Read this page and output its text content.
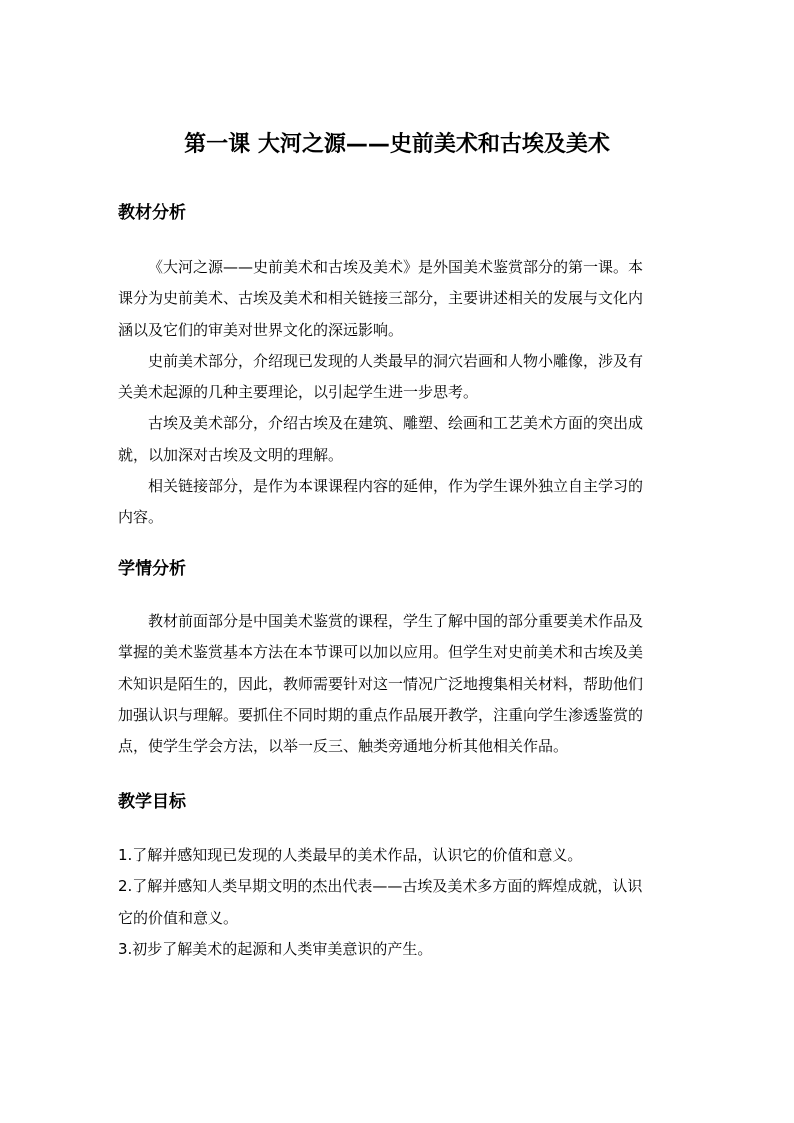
第一课 大河之源——史前美术和古埃及美术
教材分析
《大河之源——史前美术和古埃及美术》是外国美术鉴赏部分的第一课。本
课分为史前美术、古埃及美术和相关链接三部分，主要讲述相关的发展与文化内
涵以及它们的审美对世界文化的深远影响。
史前美术部分，介绍现已发现的人类最早的洞穴岩画和人物小雕像，涉及有
关美术起源的几种主要理论，以引起学生进一步思考。
古埃及美术部分，介绍古埃及在建筑、雕塑、绘画和工艺美术方面的突出成
就，以加深对古埃及文明的理解。
相关链接部分，是作为本课课程内容的延伸，作为学生课外独立自主学习的
内容。
学情分析
教材前面部分是中国美术鉴赏的课程，学生了解中国的部分重要美术作品及
掌握的美术鉴赏基本方法在本节课可以加以应用。但学生对史前美术和古埃及美
术知识是陌生的，因此，教师需要针对这一情况广泛地搜集相关材料，帮助他们
加强认识与理解。要抓住不同时期的重点作品展开教学，注重向学生渗透鉴赏的
点，使学生学会方法，以举一反三、触类旁通地分析其他相关作品。
教学目标
1.了解并感知现已发现的人类最早的美术作品，认识它的价值和意义。
2.了解并感知人类早期文明的杰出代表——古埃及美术多方面的辉煌成就，认识
它的价值和意义。
3.初步了解美术的起源和人类审美意识的产生。
